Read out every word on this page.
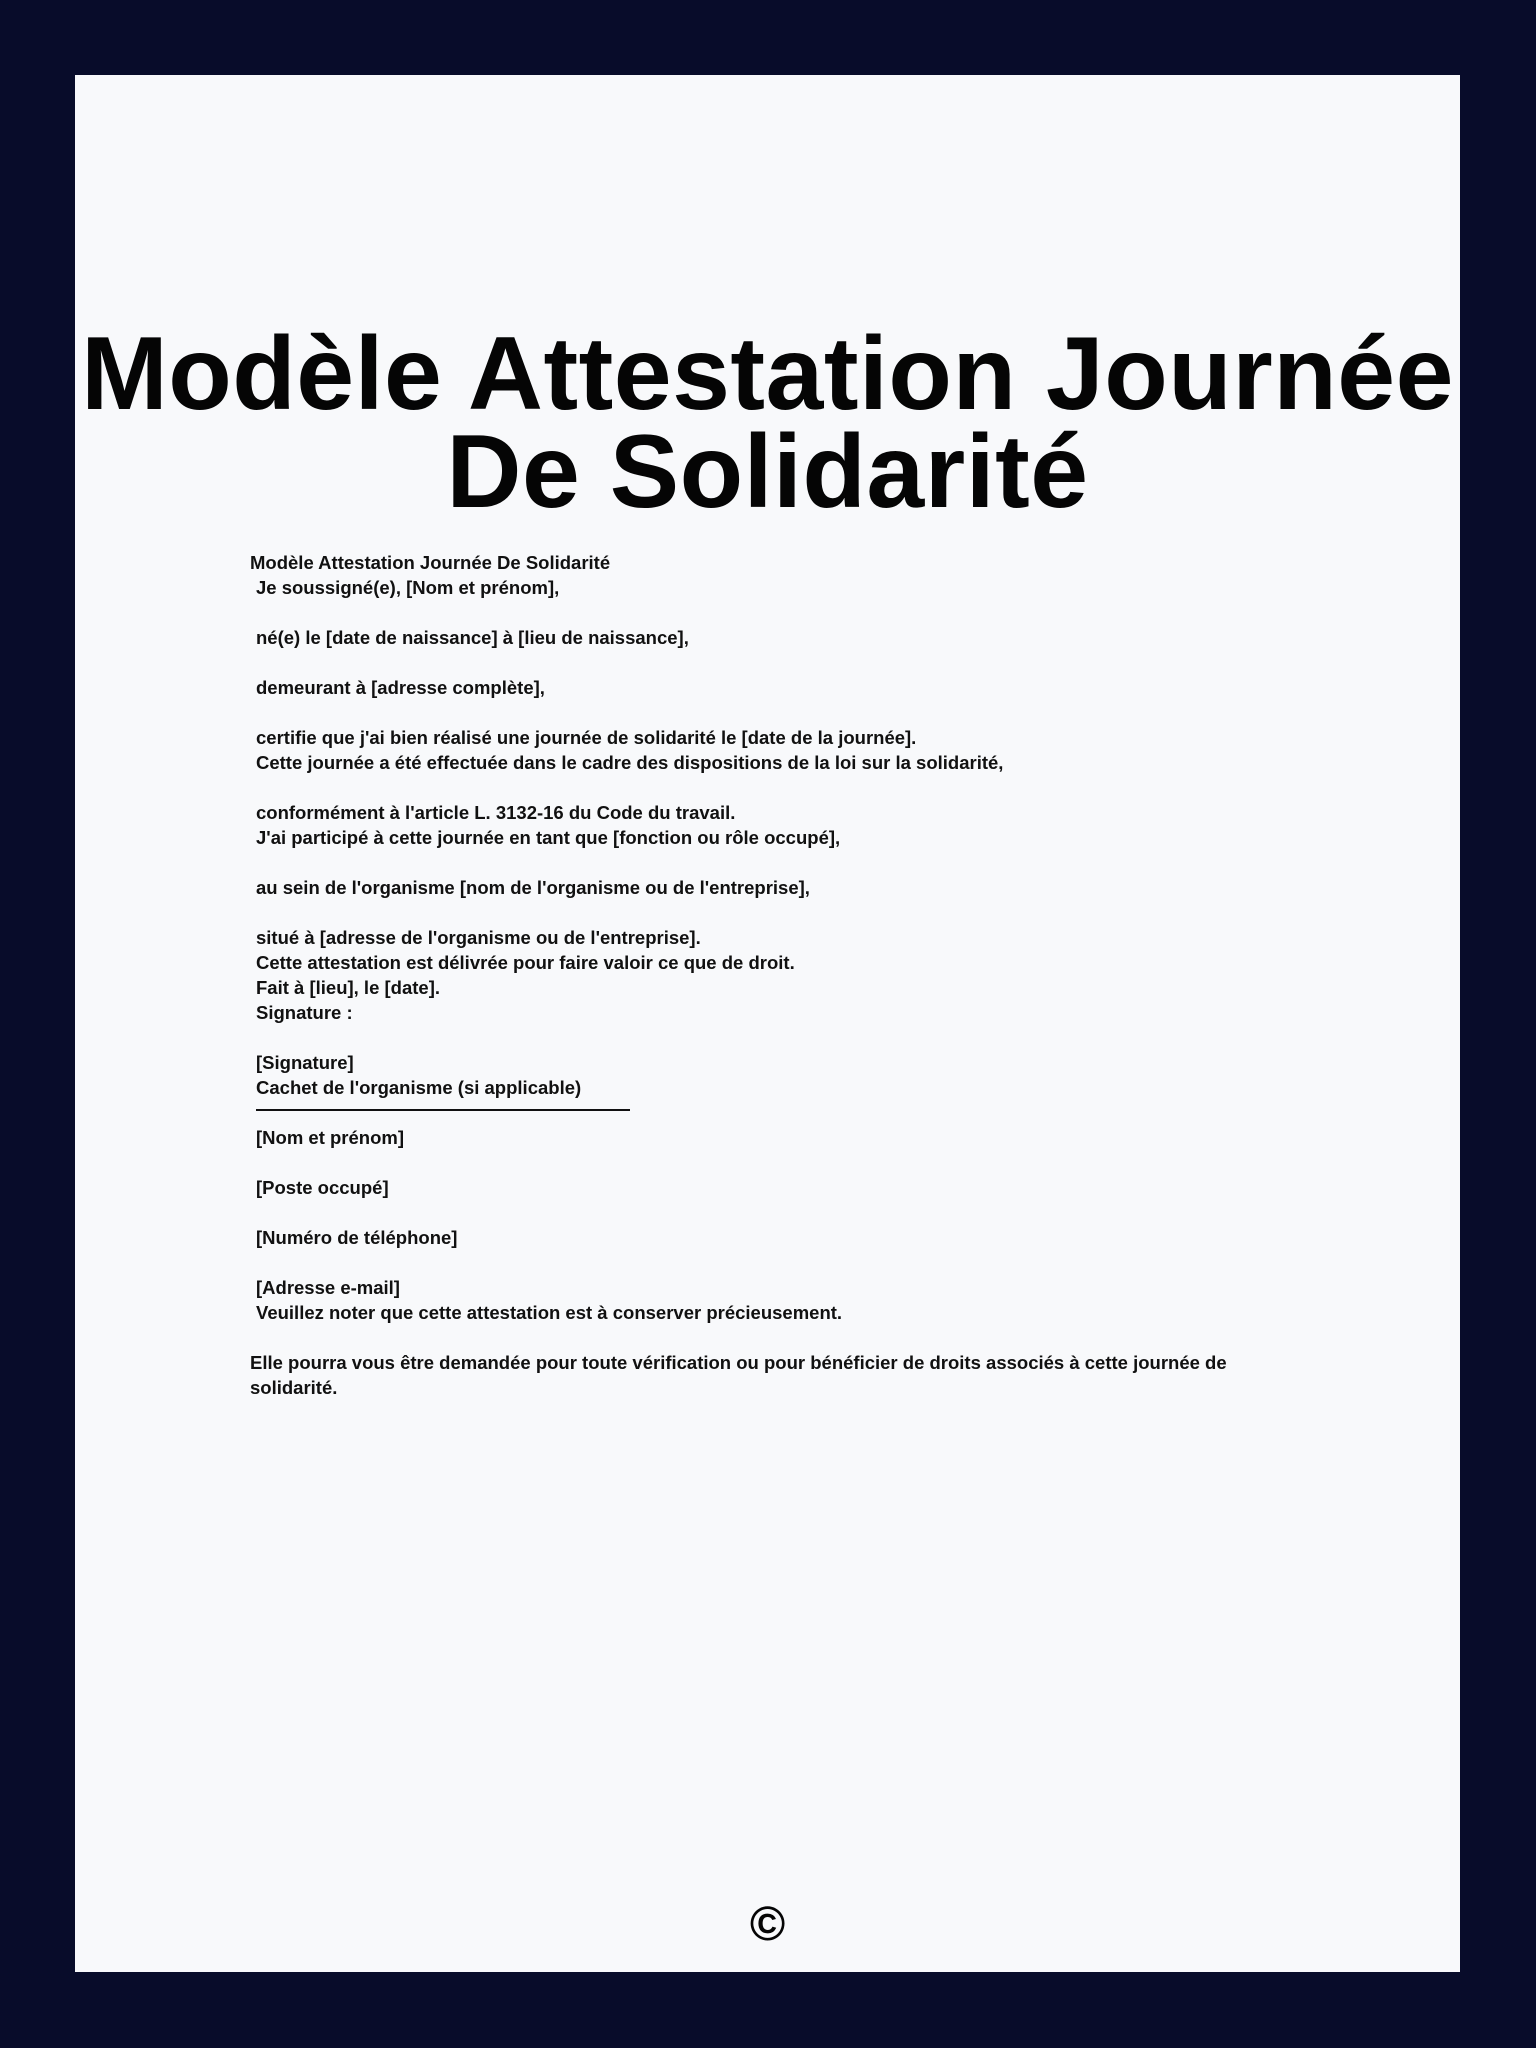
Modèle Attestation Journée De Solidarité
Modèle Attestation Journée De Solidarité
Je soussigné(e), [Nom et prénom],
né(e) le [date de naissance] à [lieu de naissance],
demeurant à [adresse complète],
certifie que j'ai bien réalisé une journée de solidarité le [date de la journée].
Cette journée a été effectuée dans le cadre des dispositions de la loi sur la solidarité,
conformément à l'article L. 3132-16 du Code du travail.
J'ai participé à cette journée en tant que [fonction ou rôle occupé],
au sein de l'organisme [nom de l'organisme ou de l'entreprise],
situé à [adresse de l'organisme ou de l'entreprise].
Cette attestation est délivrée pour faire valoir ce que de droit.
Fait à [lieu], le [date].
Signature :
[Signature]
Cachet de l'organisme (si applicable)
[Nom et prénom]
[Poste occupé]
[Numéro de téléphone]
[Adresse e-mail]
Veuillez noter que cette attestation est à conserver précieusement.
Elle pourra vous être demandée pour toute vérification ou pour bénéficier de droits associés à cette journée de solidarité.
©
